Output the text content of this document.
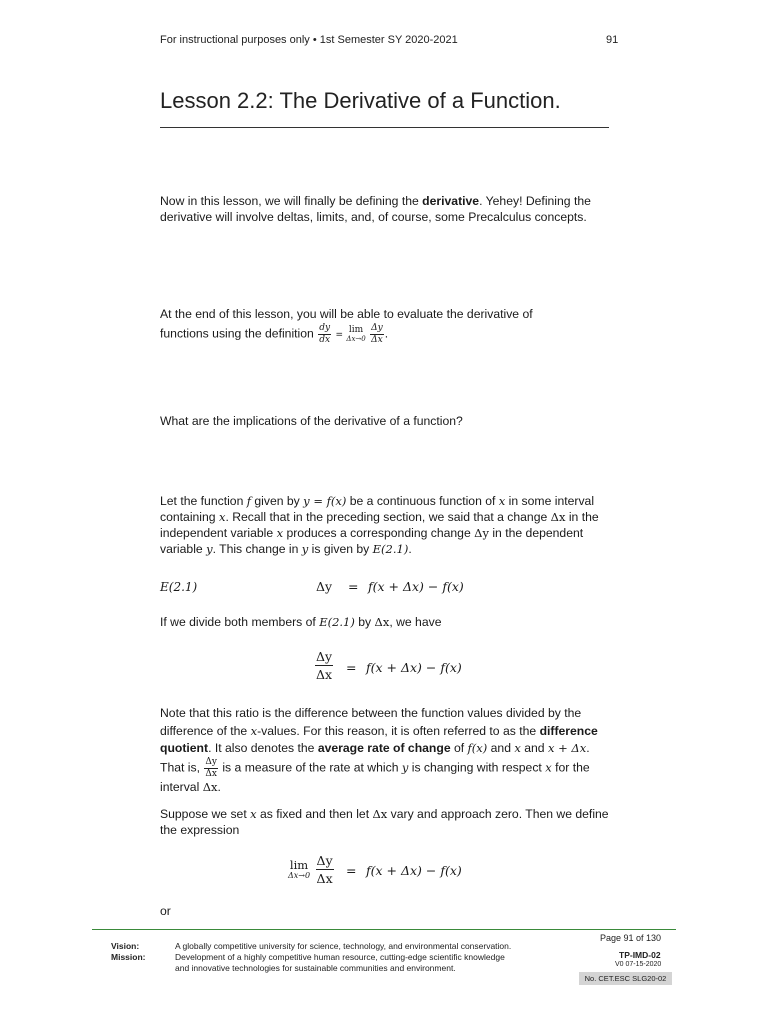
For instructional purposes only • 1st Semester SY 2020-2021	91
Lesson 2.2: The Derivative of a Function.
Now in this lesson, we will finally be defining the derivative. Yehey! Defining the derivative will involve deltas, limits, and, of course, some Precalculus concepts.
At the end of this lesson, you will be able to evaluate the derivative of
functions using the definition $\frac{dy}{dx}$ =
lim
Δx→0
$\frac{\Delta y}{\Delta x}$ .
What are the implications of the derivative of a function?
Let the function f given by y = f(x) be a continuous function of x in some interval containing x. Recall that in the preceding section, we said that a change Δx in the independent variable x produces a corresponding change Δy in the dependent variable y. This change in y is given by E(2.1).
E(2.1)	Δy = f(x + Δx) − f(x)
If we divide both members of E(2.1) by Δx, we have
$\frac{\Delta y}{\Delta x} = f(x + \Delta x) - f(x)$
Note that this ratio is the difference between the function values divided by the difference of the x-values. For this reason, it is often referred to as the difference quotient. It also denotes the average rate of change of f(x) and x and x + Δx. That is, $\frac{\Delta y}{\Delta x}$ is a measure of the rate at which y is changing with respect x for the interval Δx.
Suppose we set x as fixed and then let Δx vary and approach zero. Then we define the expression
lim
Δx→0
$\frac{\Delta y}{\Delta x} = f(x + \Delta x) - f(x)$
or
Vision:
Mission:
A globally competitive university for science, technology, and environmental conservation.
Development of a highly competitive human resource, cutting-edge scientific knowledge
and innovative technologies for sustainable communities and environment.
Page 91 of 130
TP-IMD-02
V0 07-15-2020
No. CET.ESC SLG20-02
